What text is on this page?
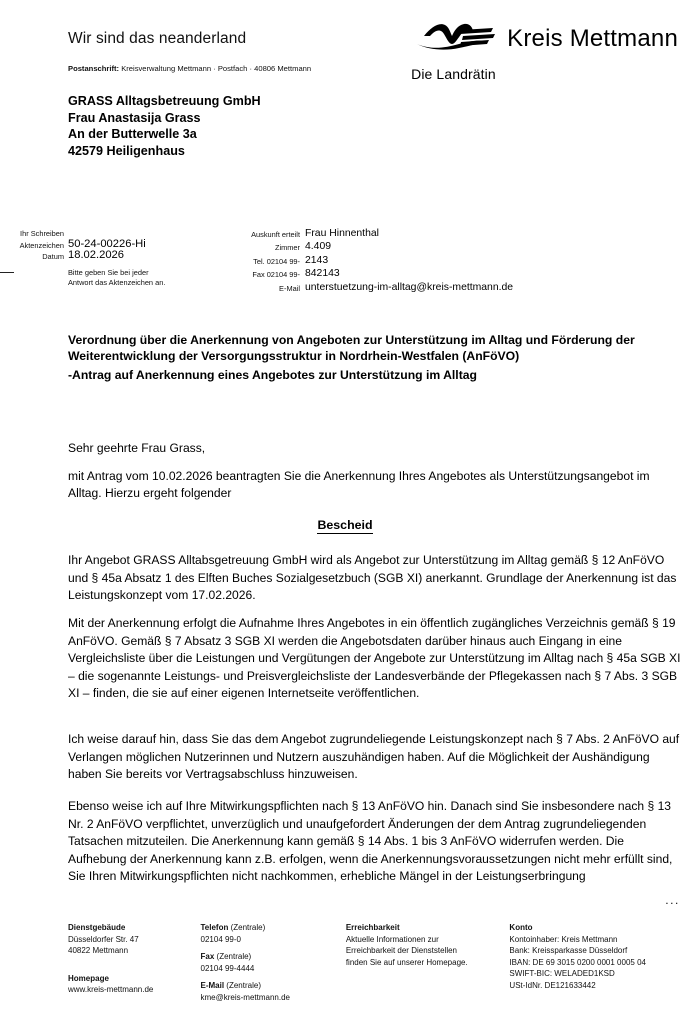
Wir sind das neanderland
Postanschrift: Kreisverwaltung Mettmann · Postfach · 40806 Mettmann
Kreis Mettmann
Die Landrätin
GRASS Alltagsbetreuung GmbH
Frau Anastasija Grass
An der Butterwelle 3a
42579 Heiligenhaus
Ihr Schreiben
Aktenzeichen
Datum
50-24-00226-Hi
18.02.2026
Bitte geben Sie bei jeder
Antwort das Aktenzeichen an.
Auskunft erteilt
Zimmer
Tel. 02104 99-
Fax 02104 99-
E-Mail
Frau Hinnenthal
4.409
2143
842143
unterstuetzung-im-alltag@kreis-mettmann.de
Verordnung über die Anerkennung von Angeboten zur Unterstützung im Alltag und Förderung der Weiterentwicklung der Versorgungsstruktur in Nordrhein-Westfalen (AnFöVO)
-Antrag auf Anerkennung eines Angebotes zur Unterstützung im Alltag
Sehr geehrte Frau Grass,
mit Antrag vom 10.02.2026 beantragten Sie die Anerkennung Ihres Angebotes als Unterstützungsangebot im Alltag. Hierzu ergeht folgender
Bescheid
Ihr Angebot GRASS Alltabsgetreuung GmbH wird als Angebot zur Unterstützung im Alltag gemäß § 12 AnFöVO und § 45a Absatz 1 des Elften Buches Sozialgesetzbuch (SGB XI) anerkannt. Grundlage der Anerkennung ist das Leistungskonzept vom 17.02.2026.
Mit der Anerkennung erfolgt die Aufnahme Ihres Angebotes in ein öffentlich zugängliches Verzeichnis gemäß § 19 AnFöVO. Gemäß § 7 Absatz 3 SGB XI werden die Angebotsdaten darüber hinaus auch Eingang in eine Vergleichsliste über die Leistungen und Vergütungen der Angebote zur Unterstützung im Alltag nach § 45a SGB XI – die sogenannte Leistungs- und Preisvergleichsliste der Landesverbände der Pflegekassen nach § 7 Abs. 3 SGB XI – finden, die sie auf einer eigenen Internetseite veröffentlichen.
Ich weise darauf hin, dass Sie das dem Angebot zugrundeliegende Leistungskonzept nach § 7 Abs. 2 AnFöVO auf Verlangen möglichen Nutzerinnen und Nutzern auszuhändigen haben. Auf die Möglichkeit der Aushändigung haben Sie bereits vor Vertragsabschluss hinzuweisen.
Ebenso weise ich auf Ihre Mitwirkungspflichten nach § 13 AnFöVO hin. Danach sind Sie insbesondere nach § 13 Nr. 2 AnFöVO verpflichtet, unverzüglich und unaufgefordert Änderungen der dem Antrag zugrundeliegenden Tatsachen mitzuteilen. Die Anerkennung kann gemäß § 14 Abs. 1 bis 3 AnFöVO widerrufen werden. Die Aufhebung der Anerkennung kann z.B. erfolgen, wenn die Anerkennungsvoraussetzungen nicht mehr erfüllt sind, Sie Ihren Mitwirkungspflichten nicht nachkommen, erhebliche Mängel in der Leistungserbringung
...
Dienstgebäude
Düsseldorfer Str. 47
40822 Mettmann
Homepage
www.kreis-mettmann.de
Telefon (Zentrale)
02104 99-0
Fax (Zentrale)
02104 99-4444
E-Mail (Zentrale)
kme@kreis-mettmann.de
Erreichbarkeit
Aktuelle Informationen zur
Erreichbarkeit der Dienststellen
finden Sie auf unserer Homepage.
Konto
Kontoinhaber: Kreis Mettmann
Bank: Kreissparkasse Düsseldorf
IBAN: DE 69 3015 0200 0001 0005 04
SWIFT-BIC: WELADED1KSD
USt-IdNr. DE121633442
